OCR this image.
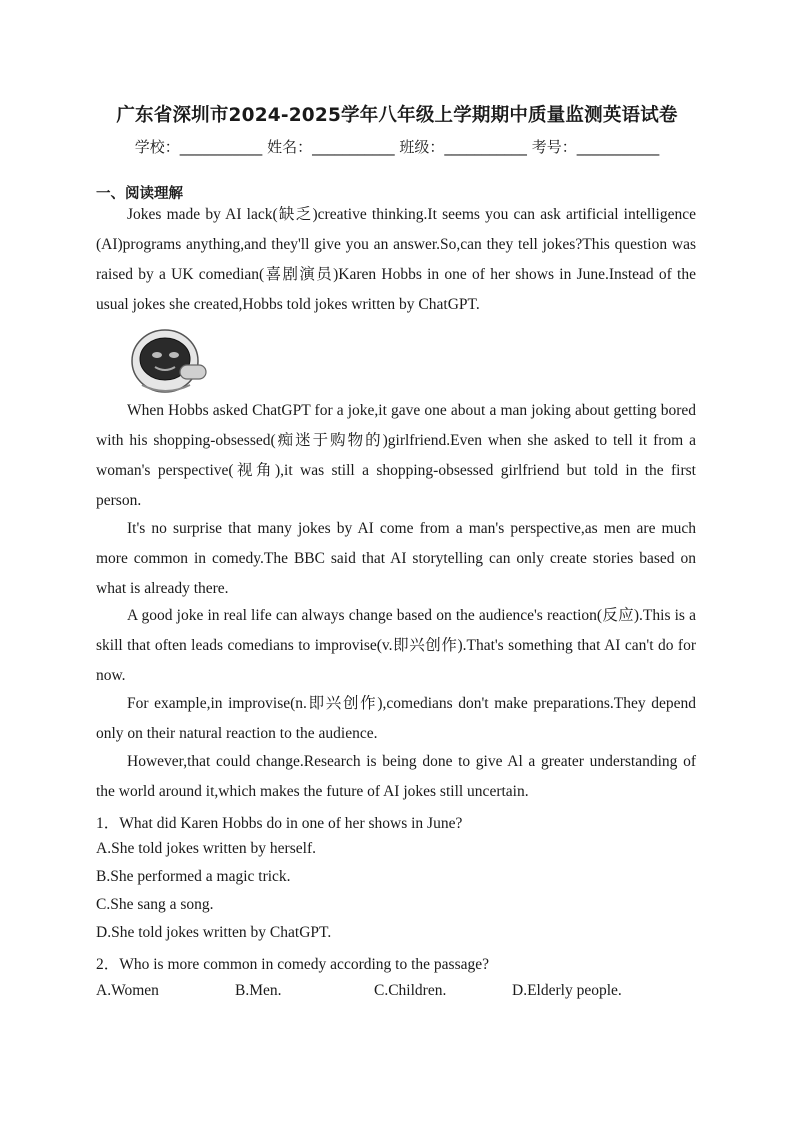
广东省深圳市2024-2025学年八年级上学期期中质量监测英语试卷
学校：___________ 姓名：___________ 班级：___________ 考号：___________
一、阅读理解
Jokes made by AI lack(缺乏)creative thinking.It seems you can ask artificial intelligence (AI)programs anything,and they'll give you an answer.So,can they tell jokes?This question was raised by a UK comedian(喜剧演员)Karen Hobbs in one of her shows in June.Instead of the usual jokes she created,Hobbs told jokes written by ChatGPT.
When Hobbs asked ChatGPT for a joke,it gave one about a man joking about getting bored with his shopping-obsessed(痴迷于购物的)girlfriend.Even when she asked to tell it from a woman's perspective(视角),it was still a shopping-obsessed girlfriend but told in the first person.
It's no surprise that many jokes by AI come from a man's perspective,as men are much more common in comedy.The BBC said that AI storytelling can only create stories based on what is already there.
A good joke in real life can always change based on the audience's reaction(反应).This is a skill that often leads comedians to improvise(v.即兴创作).That's something that AI can't do for now.
For example,in improvise(n.即兴创作),comedians don't make preparations.They depend only on their natural reaction to the audience.
However,that could change.Research is being done to give Al a greater understanding of the world around it,which makes the future of AI jokes still uncertain.
1．What did Karen Hobbs do in one of her shows in June?
A.She told jokes written by herself.
B.She performed a magic trick.
C.She sang a song.
D.She told jokes written by ChatGPT.
2．Who is more common in comedy according to the passage?
A.Women	B.Men.	C.Children.	D.Elderly people.
